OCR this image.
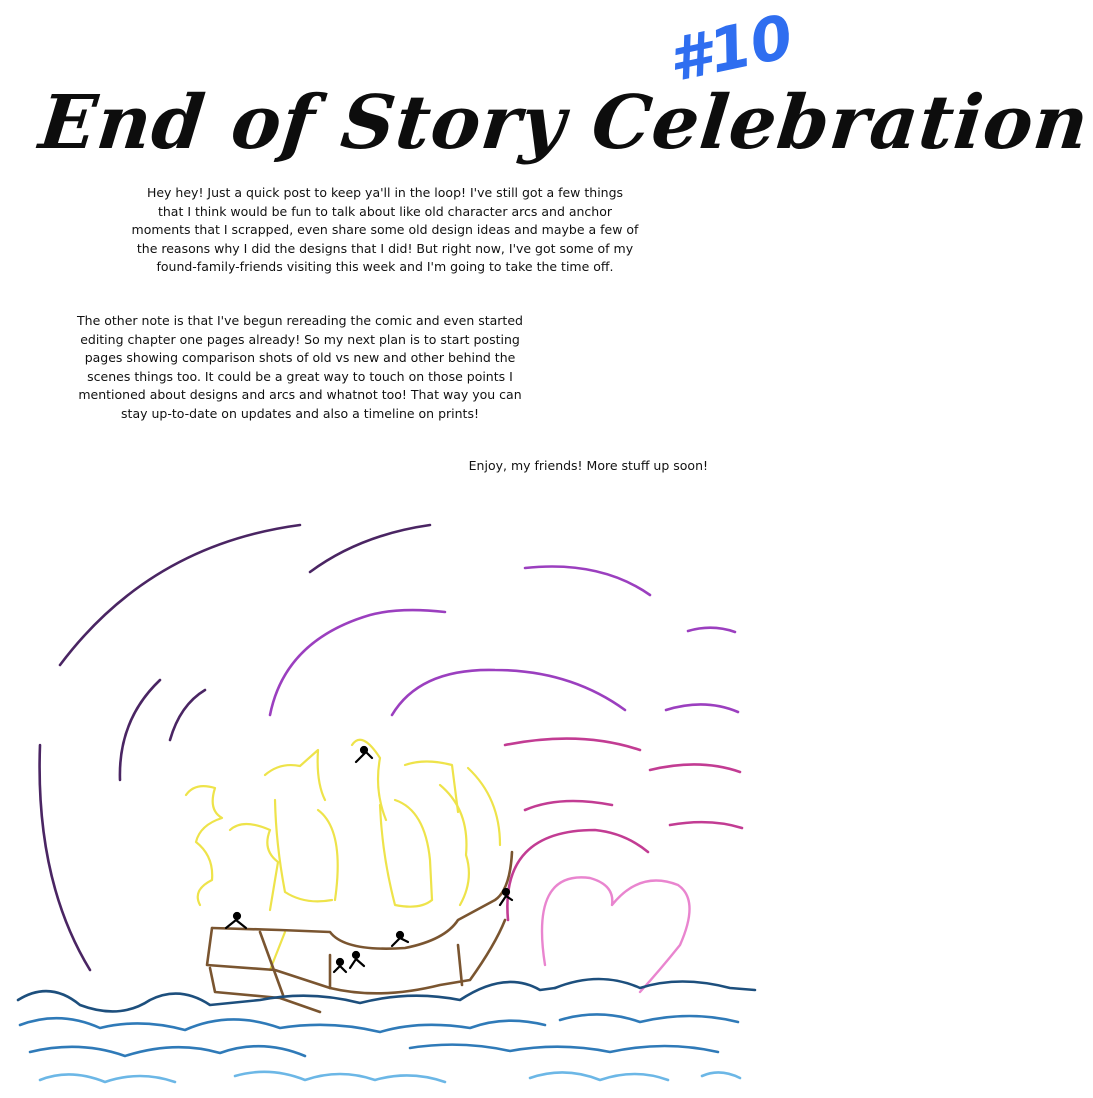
End of Story Celebration
#10

Hey hey! Just a quick post to keep ya'll in the loop! I've still got a few things
that I think would be fun to talk about like old character arcs and anchor
moments that I scrapped, even share some old design ideas and maybe a few of
the reasons why I did the designs that I did! But right now, I've got some of my
found-family-friends visiting this week and I'm going to take the time off.

The other note is that I've begun rereading the comic and even started
editing chapter one pages already! So my next plan is to start posting
pages showing comparison shots of old vs new and other behind the
scenes things too. It could be a great way to touch on those points I
mentioned about designs and arcs and whatnot too! That way you can
stay up-to-date on updates and also a timeline on prints!

Enjoy, my friends! More stuff up soon!
